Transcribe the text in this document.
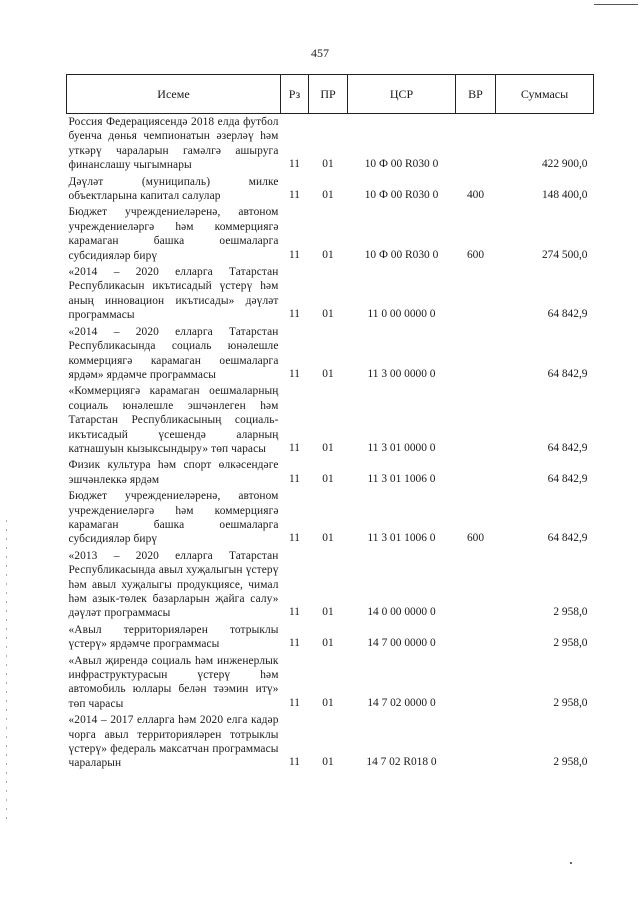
457
Исеме	Рз	ПР	ЦСР	ВР	Суммасы
Россия Федерациясендә 2018 елда футбол буенча дөнья чемпионатын әзерләү һәм уткәрү чараларын гамәлгә ашыруга финанслашу чыгымнары	11	01	10 Ф 00 R030 0		422 900,0
Дәүләт (муниципаль) милке объектларына капитал салулар	11	01	10 Ф 00 R030 0	400	148 400,0
Бюджет учреждениеләренә, автоном учреждениеләргә һәм коммерциягә карамаган башка оешмаларга субсидияләр бирү	11	01	10 Ф 00 R030 0	600	274 500,0
«2014 – 2020 елларга Татарстан Республикасын икътисадый үстерү һәм аның инновацион икътисады» дәүләт программасы	11	01	11 0 00 0000 0		64 842,9
«2014 – 2020 елларга Татарстан Республикасында социаль юнәлешле коммерциягә карамаган оешмаларга ярдәм» ярдәмче программасы	11	01	11 3 00 0000 0		64 842,9
«Коммерциягә карамаган оешмаларның социаль юнәлешле эшчәнлеген һәм Татарстан Республикасының социаль-икътисадый үсешендә аларның катнашуын кызыксындыру» төп чарасы	11	01	11 3 01 0000 0		64 842,9
Физик культура һәм спорт өлкәсендәге эшчәнлеккә ярдәм	11	01	11 3 01 1006 0		64 842,9
Бюджет учреждениеләренә, автоном учреждениеләргә һәм коммерциягә карамаган башка оешмаларга субсидияләр бирү	11	01	11 3 01 1006 0	600	64 842,9
«2013 – 2020 елларга Татарстан Республикасында авыл хуҗалыгын үстерү һәм авыл хуҗалыгы продукциясе, чимал һәм азык-төлек базарларын җайга салу» дәүләт программасы	11	01	14 0 00 0000 0		2 958,0
«Авыл территорияләрен тотрыклы үстерү» ярдәмче программасы	11	01	14 7 00 0000 0		2 958,0
«Авыл җирендә социаль һәм инженерлык инфраструктурасын үстерү һәм автомобиль юллары белән тәэмин итү» төп чарасы	11	01	14 7 02 0000 0		2 958,0
«2014 – 2017 елларга һәм 2020 елга кадәр чорга авыл территорияләрен тотрыклы үстерү» федераль максатчан программасы чараларын	11	01	14 7 02 R018 0		2 958,0
